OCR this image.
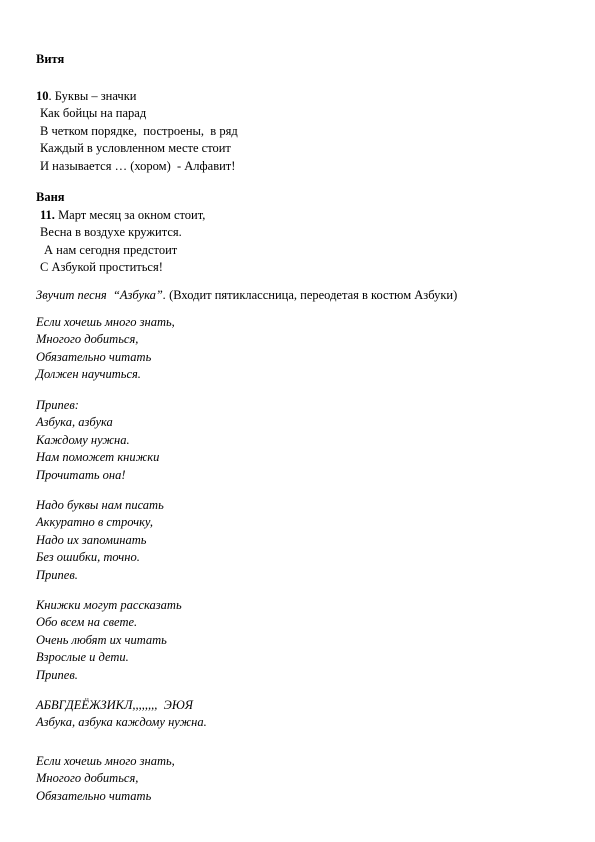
Витя
10. Буквы – значки
Как бойцы на парад
В четком порядке,  построены,  в ряд
Каждый в условленном месте стоит
И называется … (хором)  - Алфавит!
Ваня
11. Март месяц за окном стоит,
Весна в воздухе кружится.
А нам сегодня предстоит
С Азбукой проститься!
Звучит песня  “Азбука”. (Входит пятиклассница, переодетая в костюм Азбуки)
Если хочешь много знать,
Многого добиться,
Обязательно читать
Должен научиться.
Припев:
Азбука, азбука
Каждому нужна.
Нам поможет книжки
Прочитать она!
Надо буквы нам писать
Аккуратно в строчку,
Надо их запоминать
Без ошибки, точно.
Припев.
Книжки могут рассказать
Обо всем на свете.
Очень любят их читать
Взрослые и дети.
Припев.
АБВГДЕЁЖЗИКЛ,,,,,,,,  ЭЮЯ
Азбука, азбука каждому нужна.
Если хочешь много знать,
Многого добиться,
Обязательно читать
